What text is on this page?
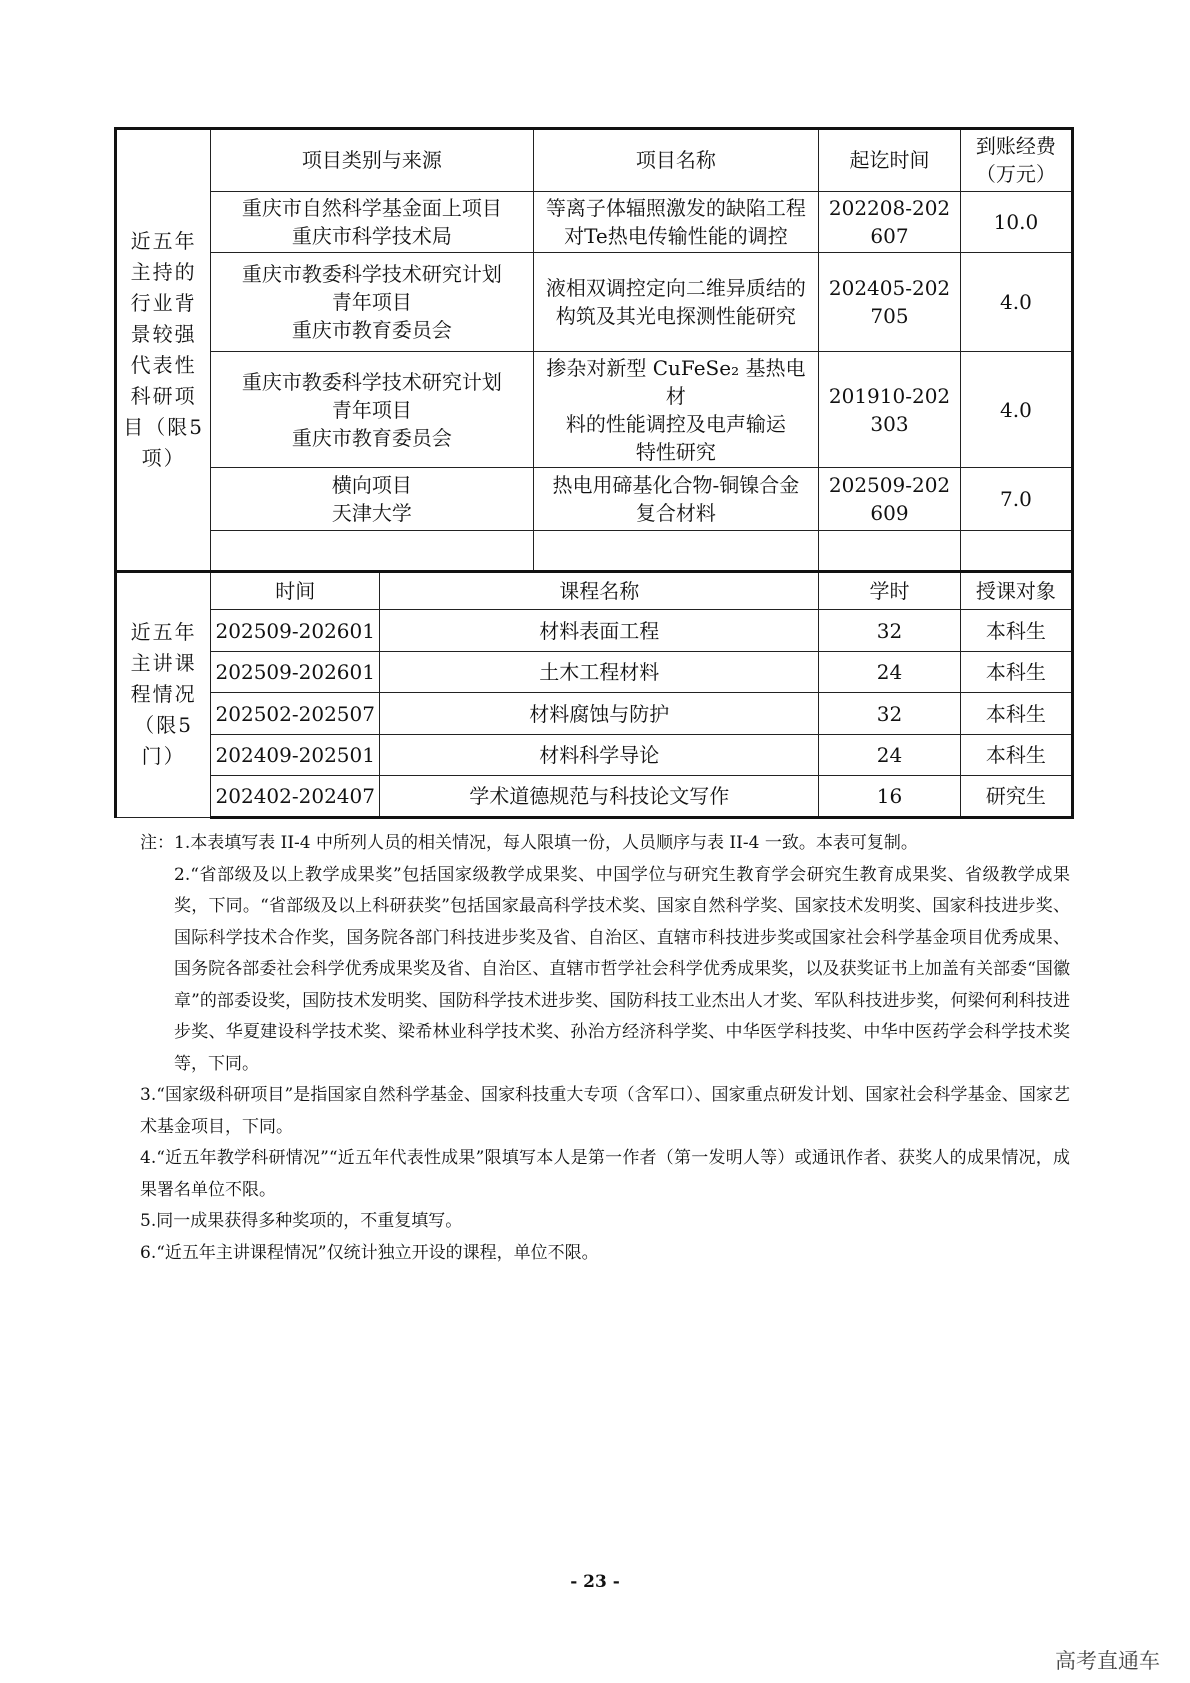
近五年主持的行业背景较强代表性科研项目（限5项）	项目类别与来源		项目名称	起讫时间	到账经费（万元）

	重庆市自然科学基金面上项目
重庆市科学技术局		等离子体辐照激发的缺陷工程
对Te热电传输性能的调控	202208-202607	10.0

	重庆市教委科学技术研究计划
青年项目
重庆市教育委员会		液相双调控定向二维异质结的
构筑及其光电探测性能研究	202405-202705	4.0

	重庆市教委科学技术研究计划
青年项目
重庆市教育委员会		掺杂对新型 CuFeSe₂ 基热电材
料的性能调控及电声输运
特性研究	201910-202303	4.0

	横向项目
天津大学		热电用碲基化合物-铜镍合金
复合材料	202509-202609	7.0

近五年主讲课程情况（限5门）	时间	课程名称		学时	授课对象
	202509-202601	材料表面工程		32	本科生
	202509-202601	土木工程材料		24	本科生
	202502-202507	材料腐蚀与防护		32	本科生
	202409-202501	材料科学导论		24	本科生
	202402-202407	学术道德规范与科技论文写作		16	研究生

注： 1.本表填写表 II-4 中所列人员的相关情况，每人限填一份，人员顺序与表 II-4 一致。本表可复制。

2.“省部级及以上教学成果奖”包括国家级教学成果奖、中国学位与研究生教育学会研究生教育成果奖、省级教学成果奖，下同。“省部级及以上科研获奖”包括国家最高科学技术奖、国家自然科学奖、国家技术发明奖、国家科技进步奖、国际科学技术合作奖，国务院各部门科技进步奖及省、自治区、直辖市科技进步奖或国家社会科学基金项目优秀成果、国务院各部委社会科学优秀成果奖及省、自治区、直辖市哲学社会科学优秀成果奖，以及获奖证书上加盖有关部委“国徽章”的部委设奖，国防技术发明奖、国防科学技术进步奖、国防科技工业杰出人才奖、军队科技进步奖，何梁何利科技进步奖、华夏建设科学技术奖、梁希林业科学技术奖、孙治方经济科学奖、中华医学科技奖、中华中医药学会科学技术奖等，下同。

3.“国家级科研项目”是指国家自然科学基金、国家科技重大专项（含军口）、国家重点研发计划、国家社会科学基金、国家艺术基金项目，下同。

4.“近五年教学科研情况”“近五年代表性成果”限填写本人是第一作者（第一发明人等）或通讯作者、获奖人的成果情况，成果署名单位不限。

5.同一成果获得多种奖项的，不重复填写。

6.“近五年主讲课程情况”仅统计独立开设的课程，单位不限。

- 23 -
高考直通车
